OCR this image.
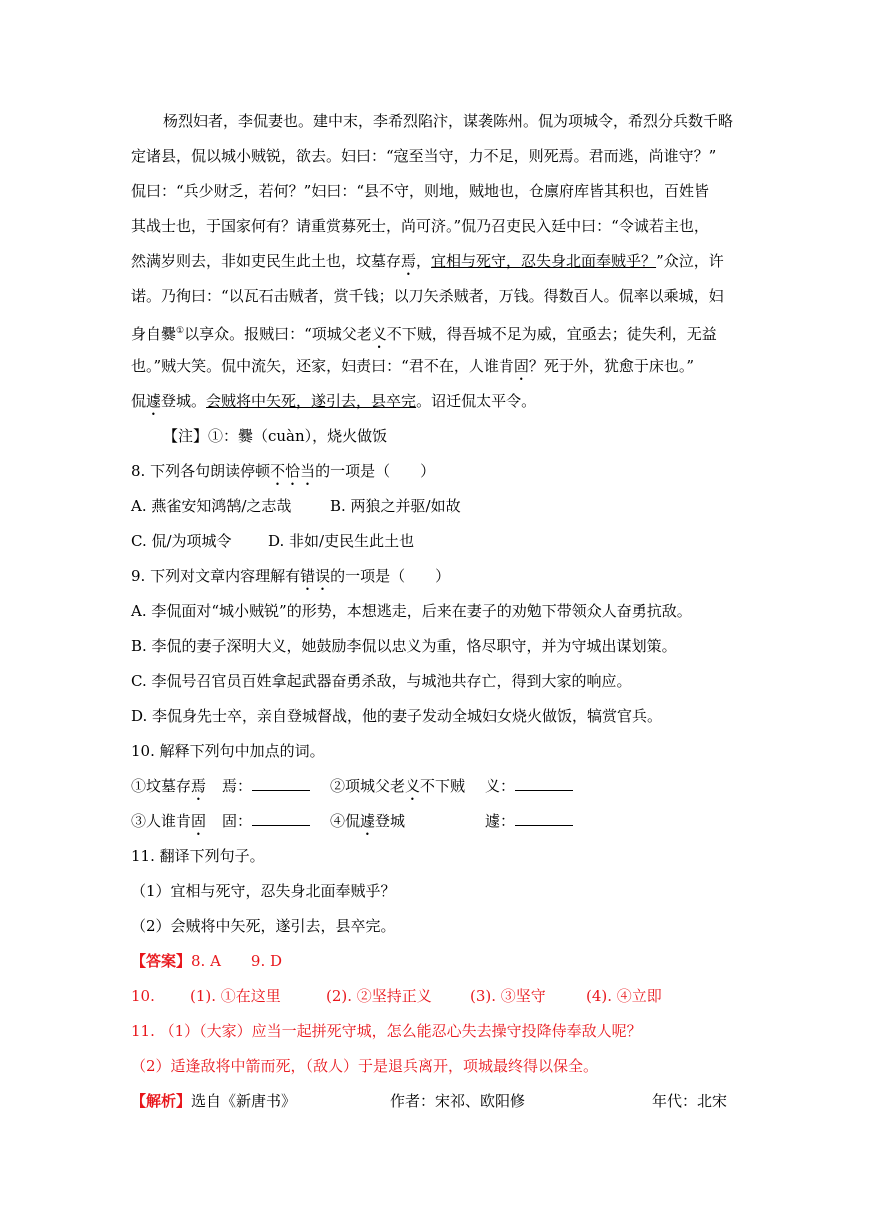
杨烈妇者，李侃妻也。建中末，李希烈陷汴，谋袭陈州。侃为项城令，希烈分兵数千略
定诸县，侃以城小贼锐，欲去。妇曰：“寇至当守，力不足，则死焉。君而逃，尚谁守？”
侃曰：“兵少财乏，若何？”妇曰：“县不守，则地，贼地也，仓廪府库皆其积也，百姓皆
其战士也，于国家何有？请重赏募死士，尚可济。”侃乃召吏民入廷中曰：“令诚若主也，
然满岁则去，非如吏民生此土也，坟墓存焉，宜相与死守，忍失身北面奉贼乎？”众泣，许
诺。乃徇曰：“以瓦石击贼者，赏千钱；以刀矢杀贼者，万钱。得数百人。侃率以乘城，妇
身自爨①以享众。报贼曰：“项城父老义不下贼，得吾城不足为威，宜亟去；徒失利，无益
也。”贼大笑。侃中流矢，还家，妇责曰：“君不在，人谁肯固？死于外，犹愈于床也。”
侃遽登城。会贼将中矢死，遂引去，县卒完。诏迁侃太平令。
【注】①：爨（cuàn），烧火做饭
8. 下列各句朗读停顿不恰当的一项是（　　）
A. 燕雀安知鸿鹄/之志哉	B. 两狼之并驱/如故
C. 侃/为项城令 D. 非如/吏民生此土也
9. 下列对文章内容理解有错误的一项是（　　）
A. 李侃面对“城小贼锐”的形势，本想逃走，后来在妻子的劝勉下带领众人奋勇抗敌。
B. 李侃的妻子深明大义，她鼓励李侃以忠义为重，恪尽职守，并为守城出谋划策。
C. 李侃号召官员百姓拿起武器奋勇杀敌，与城池共存亡，得到大家的响应。
D. 李侃身先士卒，亲自登城督战，他的妻子发动全城妇女烧火做饭，犒赏官兵。
10. 解释下列句中加点的词。
①坟墓存焉 焉：	②项城父老义不下贼 义：
③人谁肯固 固：	④侃遽登城	遽：
11. 翻译下列句子。
（1）宜相与死守，忍失身北面奉贼乎？
（2）会贼将中矢死，遂引去，县卒完。
【答案】8. A　　9. D
10. (1). ①在这里	(2). ②坚持正义	(3). ③坚守	(4). ④立即
11. （1）（大家）应当一起拼死守城，怎么能忍心失去操守投降侍奉敌人呢？
（2）适逢敌将中箭而死，（敌人）于是退兵离开，项城最终得以保全。
【解析】选自《新唐书》	作者：宋祁、欧阳修	年代：北宋
